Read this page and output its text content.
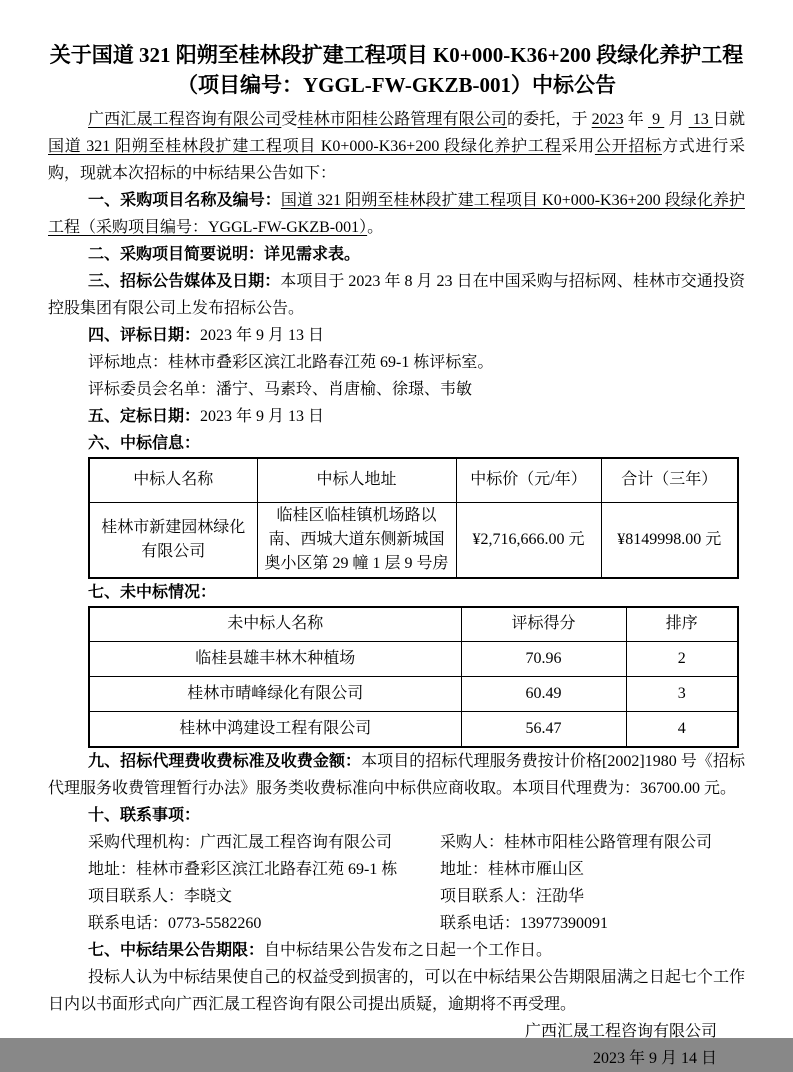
关于国道 321 阳朔至桂林段扩建工程项目 K0+000-K36+200 段绿化养护工程（项目编号：YGGL-FW-GKZB-001）中标公告

广西汇晟工程咨询有限公司受桂林市阳桂公路管理有限公司的委托，于 2023 年  9  月  13 日就国道 321 阳朔至桂林段扩建工程项目 K0+000-K36+200 段绿化养护工程采用公开招标方式进行采购，现就本次招标的中标结果公告如下：

一、采购项目名称及编号：国道 321 阳朔至桂林段扩建工程项目 K0+000-K36+200 段绿化养护工程（采购项目编号：YGGL-FW-GKZB-001）。

二、采购项目简要说明：详见需求表。

三、招标公告媒体及日期：本项目于 2023 年 8 月 23 日在中国采购与招标网、桂林市交通投资控股集团有限公司上发布招标公告。

四、评标日期：2023 年 9 月 13 日

评标地点：桂林市叠彩区滨江北路春江苑 69-1 栋评标室。

评标委员会名单：潘宁、马素玲、肖唐榆、徐璟、韦敏

五、定标日期：2023 年 9 月 13 日

六、中标信息：

中标人名称	中标人地址	中标价（元/年）	合计（三年）
桂林市新建园林绿化有限公司	临桂区临桂镇机场路以南、西城大道东侧新城国奥小区第 29 幢 1 层 9 号房	¥2,716,666.00 元	¥8149998.00 元

七、未中标情况：

未中标人名称	评标得分	排序
临桂县雄丰林木种植场	70.96	2
桂林市晴峰绿化有限公司	60.49	3
桂林中鸿建设工程有限公司	56.47	4

九、招标代理费收费标准及收费金额：本项目的招标代理服务费按计价格[2002]1980 号《招标代理服务收费管理暂行办法》服务类收费标准向中标供应商收取。本项目代理费为：36700.00 元。

十、联系事项：

采购代理机构：广西汇晟工程咨询有限公司	采购人：桂林市阳桂公路管理有限公司
地址：桂林市叠彩区滨江北路春江苑 69-1 栋	地址：桂林市雁山区
项目联系人：李晓文	项目联系人：汪劭华
联系电话：0773-5582260	联系电话：13977390091

七、中标结果公告期限：自中标结果公告发布之日起一个工作日。

投标人认为中标结果使自己的权益受到损害的，可以在中标结果公告期限届满之日起七个工作日内以书面形式向广西汇晟工程咨询有限公司提出质疑，逾期将不再受理。

广西汇晟工程咨询有限公司

2023 年 9 月 14 日
